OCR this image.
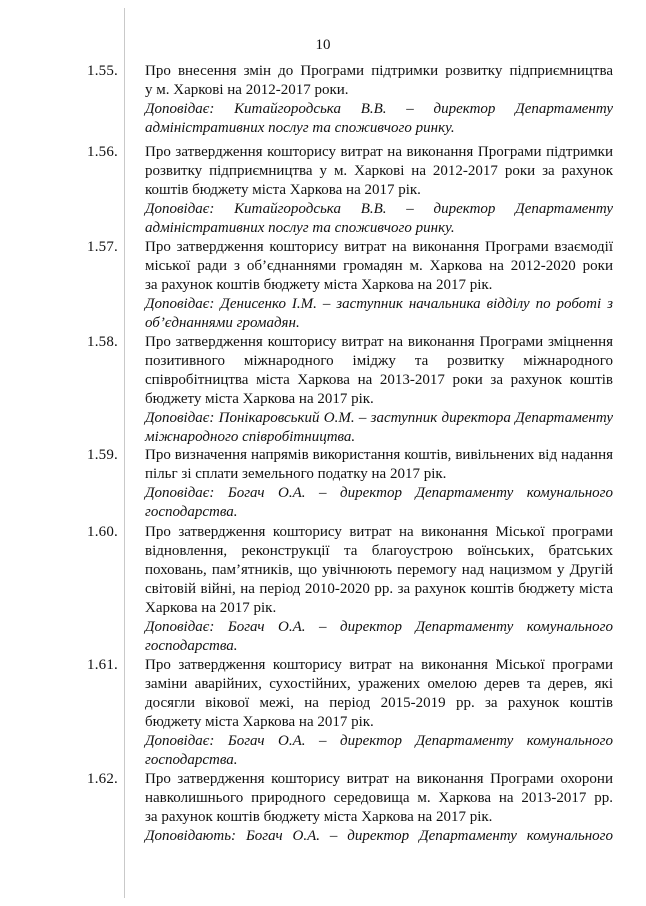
10
1.55. Про внесення змін до Програми підтримки розвитку підприємництва
у м. Харкові на 2012-2017 роки.
Доповідає: Китайгородська В.В. – директор Департаменту
адміністративних послуг та споживчого ринку.
1.56. Про затвердження кошторису витрат на виконання Програми підтримки
розвитку підприємництва у м. Харкові на 2012-2017 роки за рахунок
коштів бюджету міста Харкова на 2017 рік.
Доповідає: Китайгородська В.В. – директор Департаменту
адміністративних послуг та споживчого ринку.
1.57. Про затвердження кошторису витрат на виконання Програми взаємодії
міської ради з об’єднаннями громадян м. Харкова на 2012-2020 роки
за рахунок коштів бюджету міста Харкова на 2017 рік.
Доповідає: Денисенко І.М. – заступник начальника відділу по роботі з
об’єднаннями громадян.
1.58. Про затвердження кошторису витрат на виконання Програми зміцнення
позитивного міжнародного іміджу та розвитку міжнародного
співробітництва міста Харкова на 2013-2017 роки за рахунок коштів
бюджету міста Харкова на 2017 рік.
Доповідає: Понікаровський О.М. – заступник директора Департаменту
міжнародного співробітництва.
1.59. Про визначення напрямів використання коштів, вивільнених від надання
пільг зі сплати земельного податку на 2017 рік.
Доповідає: Богач О.А. – директор Департаменту комунального
господарства.
1.60. Про затвердження кошторису витрат на виконання Міської програми
відновлення, реконструкції та благоустрою воїнських, братських
поховань, пам’ятників, що увічнюють перемогу над нацизмом у Другій
світовій війні, на період 2010-2020 рр. за рахунок коштів бюджету міста
Харкова на 2017 рік.
Доповідає: Богач О.А. – директор Департаменту комунального
господарства.
1.61. Про затвердження кошторису витрат на виконання Міської програми
заміни аварійних, сухостійних, уражених омелою дерев та дерев, які
досягли вікової межі, на період 2015-2019 рр. за рахунок коштів
бюджету міста Харкова на 2017 рік.
Доповідає: Богач О.А. – директор Департаменту комунального
господарства.
1.62. Про затвердження кошторису витрат на виконання Програми охорони
навколишнього природного середовища м. Харкова на 2013-2017 рр.
за рахунок коштів бюджету міста Харкова на 2017 рік.
Доповідають: Богач О.А. – директор Департаменту комунального
